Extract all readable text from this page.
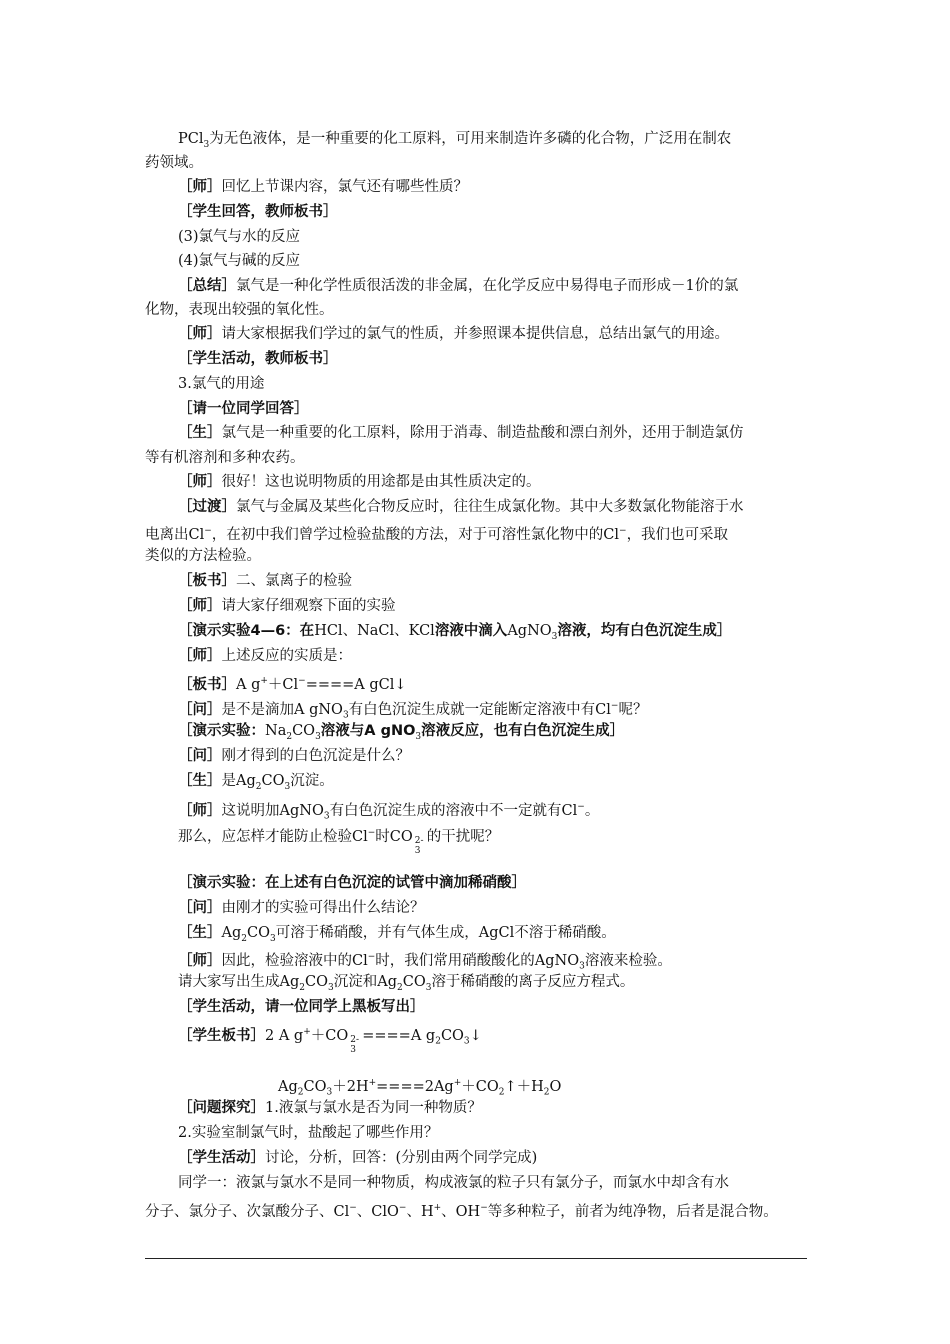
PCl$_3$为无色液体，是一种重要的化工原料，可用来制造许多磷的化合物，广泛用在制农
药领域。
［师］回忆上节课内容，氯气还有哪些性质？
［学生回答，教师板书］
(3)氯气与水的反应
(4)氯气与碱的反应
［总结］氯气是一种化学性质很活泼的非金属，在化学反应中易得电子而形成－1价的氯
化物，表现出较强的氧化性。
［师］请大家根据我们学过的氯气的性质，并参照课本提供信息，总结出氯气的用途。
［学生活动，教师板书］
3.氯气的用途
［请一位同学回答］
［生］氯气是一种重要的化工原料，除用于消毒、制造盐酸和漂白剂外，还用于制造氯仿
等有机溶剂和多种农药。
［师］很好！这也说明物质的用途都是由其性质决定的。
［过渡］氯气与金属及某些化合物反应时，往往生成氯化物。其中大多数氯化物能溶于水
电离出Cl−，在初中我们曾学过检验盐酸的方法，对于可溶性氯化物中的Cl−，我们也可采取
类似的方法检验。
［板书］二、氯离子的检验
［师］请大家仔细观察下面的实验
［演示实验4—6：在HCl、NaCl、KCl溶液中滴入AgNO$_3$溶液，均有白色沉淀生成］
［师］上述反应的实质是：
［板书］A g+＋Cl−====A gCl↓
［问］是不是滴加A gNO$_3$有白色沉淀生成就一定能断定溶液中有Cl−呢？
［演示实验：$Na_2CO_3$溶液与A gNO$_3$溶液反应，也有白色沉淀生成］
［问］刚才得到的白色沉淀是什么？
［生］是$Ag_2CO_3$沉淀。
［师］这说明加AgNO$_3$有白色沉淀生成的溶液中不一定就有Cl−。
那么，应怎样才能防止检验Cl−时CO 2-
3
的干扰呢？
［演示实验：在上述有白色沉淀的试管中滴加稀硝酸］
［问］由刚才的实验可得出什么结论？
［生$]Ag_2CO_3$可溶于稀硝酸，并有气体生成，AgCl不溶于稀硝酸。
［师］因此，检验溶液中的Cl−时，我们常用硝酸酸化的AgNO$_3$溶液来检验。
请大家写出生成$Ag_2CO_3$沉淀和$Ag_2CO_3$溶于稀硝酸的离子反应方程式。
［学生活动，请一位同学上黑板写出］
［学生板书］2 A g+＋CO 2-
3
====A $g_2CO_3↓$
$Ag_2CO_3+2H^+====2Ag^++CO_2↑+H_2O$
［问题探究］1.液氯与氯水是否为同一种物质？
2.实验室制氯气时，盐酸起了哪些作用？
［学生活动］讨论，分析，回答：(分别由两个同学完成)
同学一：液氯与氯水不是同一种物质，构成液氯的粒子只有氯分子，而氯水中却含有水
分子、氯分子、次氯酸分子、Cl−、ClO−、H+、OH−等多种粒子，前者为纯净物，后者是混合物。
